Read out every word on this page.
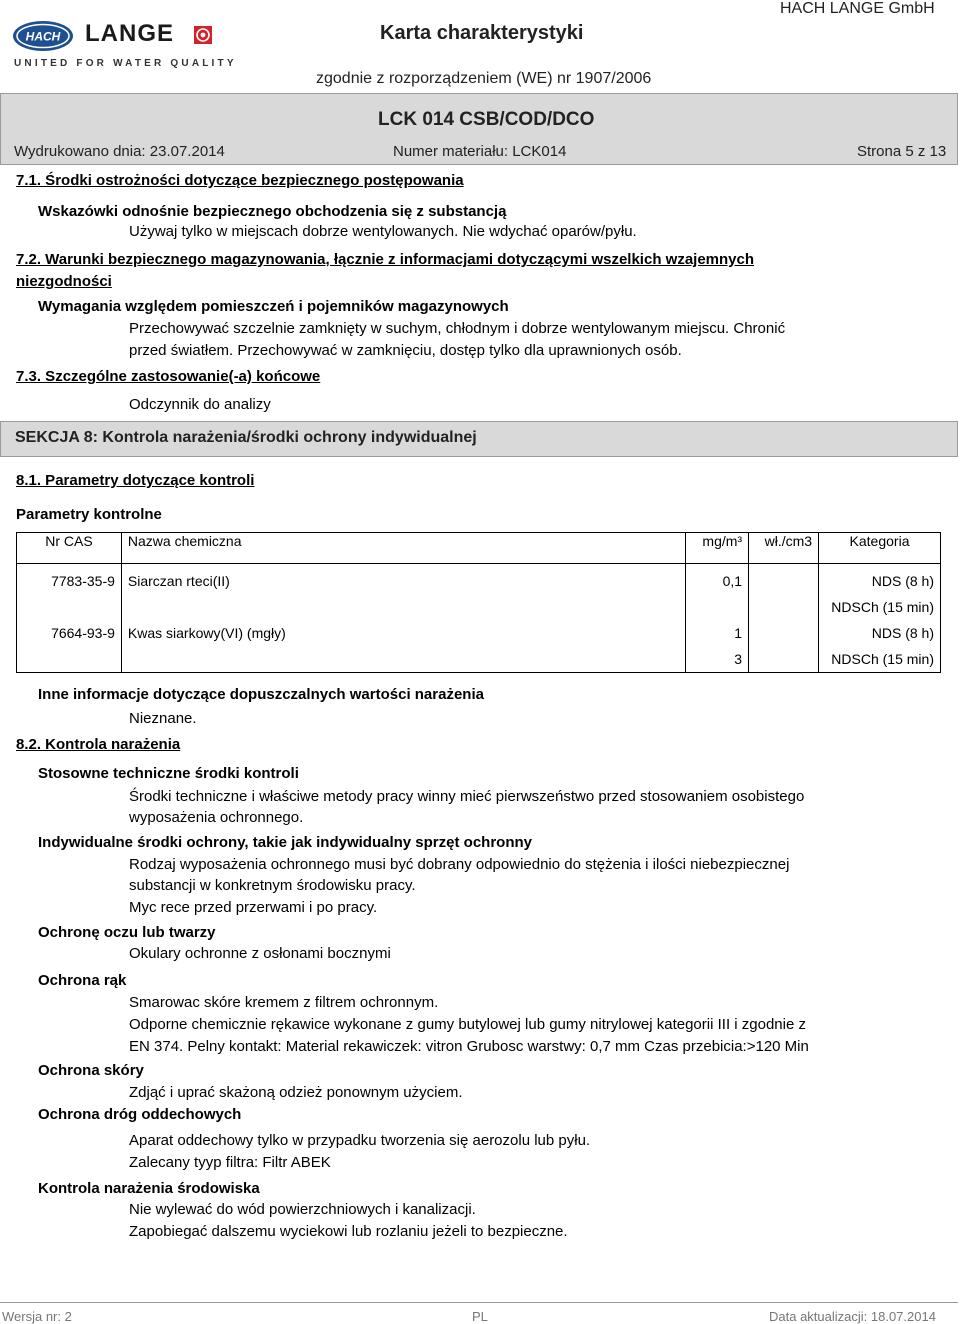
HACH LANGE
UNITED FOR WATER QUALITY
Karta charakterystyki
HACH LANGE GmbH
zgodnie z rozporządzeniem (WE) nr 1907/2006
LCK 014 CSB/COD/DCO
Wydrukowano dnia: 23.07.2014	Numer materiału: LCK014	Strona 5 z 13
7.1. Środki ostrożności dotyczące bezpiecznego postępowania
Wskazówki odnośnie bezpiecznego obchodzenia się z substancją
Używaj tylko w miejscach dobrze wentylowanych. Nie wdychać oparów/pyłu.
7.2. Warunki bezpiecznego magazynowania, łącznie z informacjami dotyczącymi wszelkich wzajemnych
niezgodności
Wymagania względem pomieszczeń i pojemników magazynowych
Przechowywać szczelnie zamknięty w suchym, chłodnym i dobrze wentylowanym miejscu. Chronić
przed światłem. Przechowywać w zamknięciu, dostęp tylko dla uprawnionych osób.
7.3. Szczególne zastosowanie(-a) końcowe
Odczynnik do analizy
SEKCJA 8: Kontrola narażenia/środki ochrony indywidualnej
8.1. Parametry dotyczące kontroli
Parametry kontrolne
Nr CAS	Nazwa chemiczna	mg/m³	wł./cm3	Kategoria
7783-35-9	Siarczan rteci(II)	0,1		NDS (8 h)
				NDSCh (15 min)
7664-93-9	Kwas siarkowy(VI) (mgły)	1		NDS (8 h)
		3		NDSCh (15 min)
Inne informacje dotyczące dopuszczalnych wartości narażenia
Nieznane.
8.2. Kontrola narażenia
Stosowne techniczne środki kontroli
Środki techniczne i właściwe metody pracy winny mieć pierwszeństwo przed stosowaniem osobistego
wyposażenia ochronnego.
Indywidualne środki ochrony, takie jak indywidualny sprzęt ochronny
Rodzaj wyposażenia ochronnego musi być dobrany odpowiednio do stężenia i ilości niebezpiecznej
substancji w konkretnym środowisku pracy.
Myc rece przed przerwami i po pracy.
Ochronę oczu lub twarzy
Okulary ochronne z osłonami bocznymi
Ochrona rąk
Smarowac skóre kremem z filtrem ochronnym.
Odporne chemicznie rękawice wykonane z gumy butylowej lub gumy nitrylowej kategorii III i zgodnie z
EN 374. Pelny kontakt: Material rekawiczek: vitron Grubosc warstwy: 0,7 mm Czas przebicia:>120 Min
Ochrona skóry
Zdjąć i uprać skażoną odzież ponownym użyciem.
Ochrona dróg oddechowych
Aparat oddechowy tylko w przypadku tworzenia się aerozolu lub pyłu.
Zalecany tyyp filtra: Filtr ABEK
Kontrola narażenia środowiska
Nie wylewać do wód powierzchniowych i kanalizacji.
Zapobiegać dalszemu wyciekowi lub rozlaniu jeżeli to bezpieczne.
Wersja nr: 2	PL	Data aktualizacji: 18.07.2014
